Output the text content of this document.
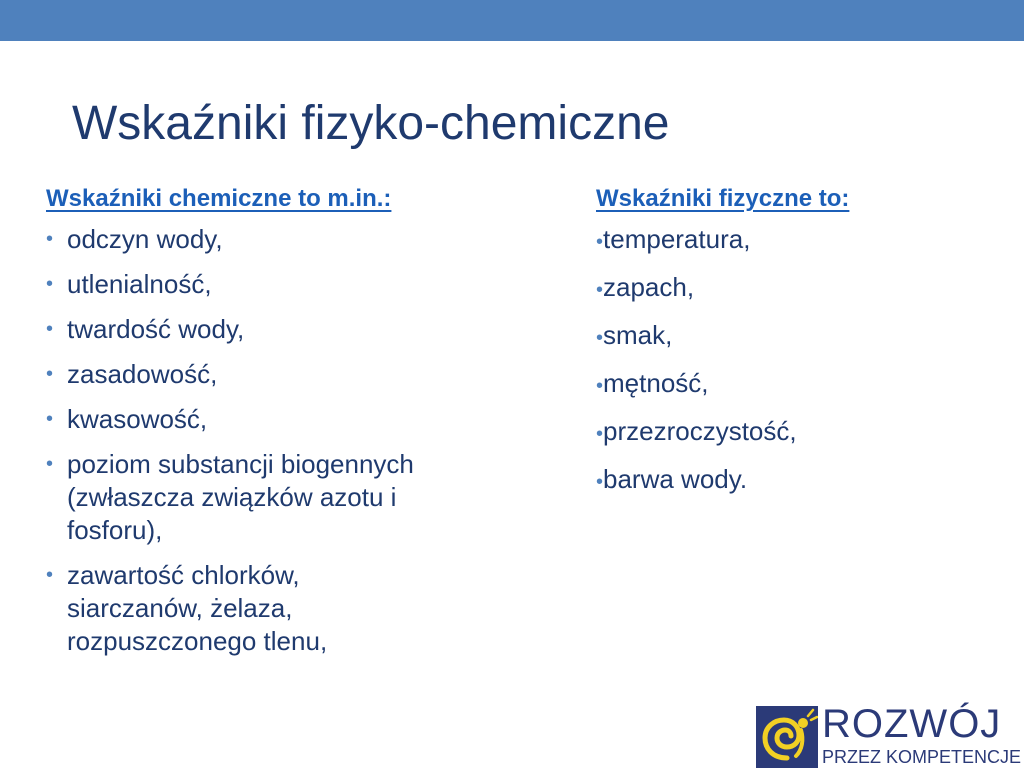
Wskaźniki fizyko-chemiczne
Wskaźniki chemiczne to m.in.:
• odczyn wody,
• utlenialność,
• twardość wody,
• zasadowość,
• kwasowość,
• poziom substancji biogennych
(zwłaszcza związków azotu i
fosforu),
• zawartość chlorków,
siarczanów, żelaza,
rozpuszczonego tlenu,
Wskaźniki fizyczne to:
•temperatura,
•zapach,
•smak,
•mętność,
•przezroczystość,
•barwa wody.
ROZWÓJ
PRZEZ KOMPETENCJE
